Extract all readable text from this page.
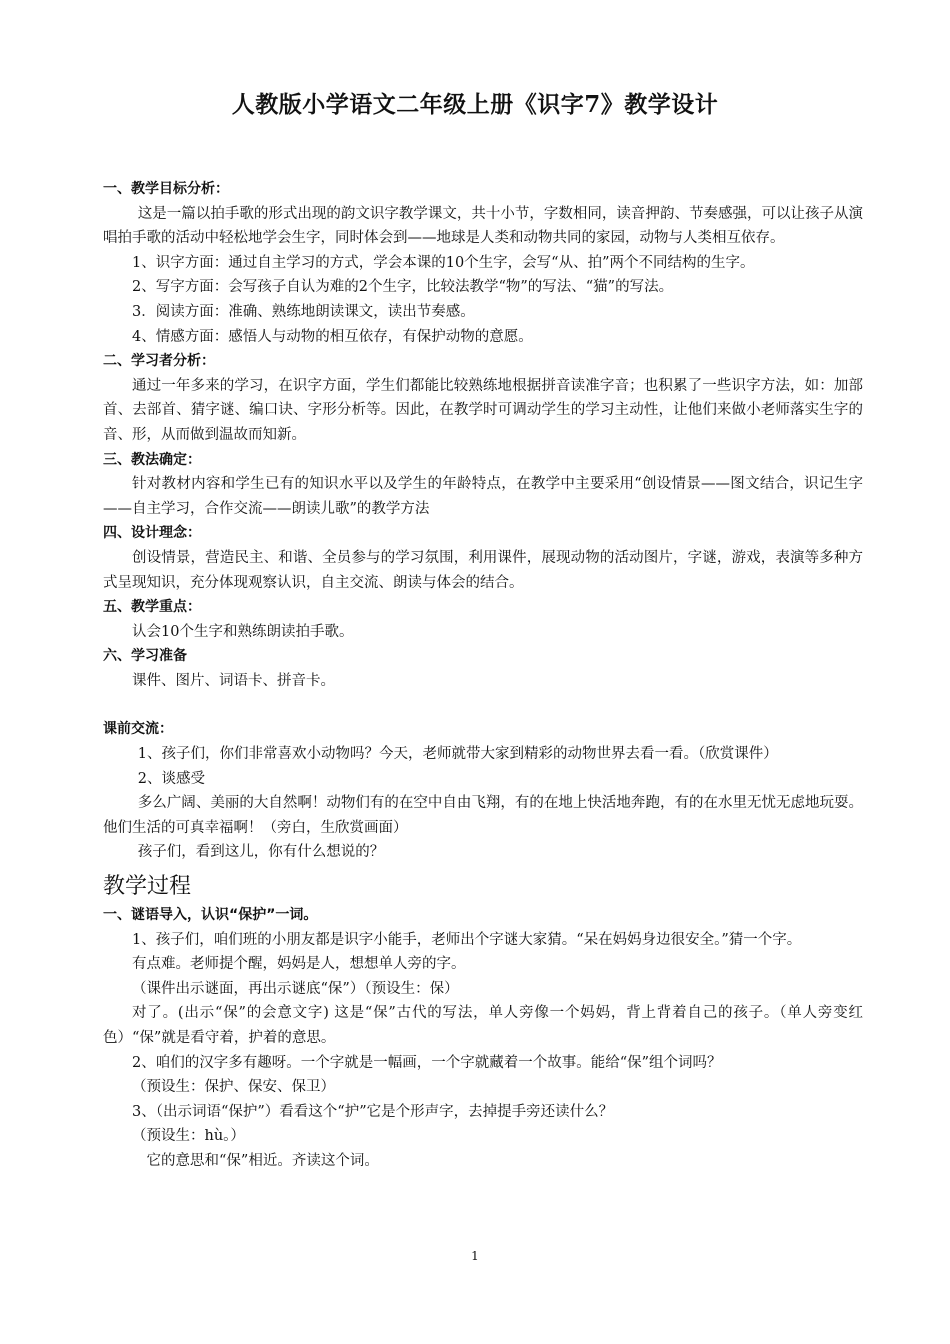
人教版小学语文二年级上册《识字7》教学设计

一、教学目标分析：

这是一篇以拍手歌的形式出现的韵文识字教学课文，共十小节，字数相同，读音押韵、节奏感强，可以让孩子从演唱拍手歌的活动中轻松地学会生字，同时体会到——地球是人类和动物共同的家园，动物与人类相互依存。

1、识字方面：通过自主学习的方式，学会本课的10个生字，会写“从、拍”两个不同结构的生字。

2、写字方面：会写孩子自认为难的2个生字，比较法教学“物”的写法、“猫”的写法。

3．阅读方面：准确、熟练地朗读课文，读出节奏感。

4、情感方面：感悟人与动物的相互依存，有保护动物的意愿。

二、学习者分析：

通过一年多来的学习，在识字方面，学生们都能比较熟练地根据拼音读准字音；也积累了一些识字方法，如：加部首、去部首、猜字谜、编口诀、字形分析等。因此，在教学时可调动学生的学习主动性，让他们来做小老师落实生字的音、形，从而做到温故而知新。

三、教法确定：

针对教材内容和学生已有的知识水平以及学生的年龄特点，在教学中主要采用“创设情景——图文结合，识记生字——自主学习，合作交流——朗读儿歌”的教学方法

四、设计理念：

创设情景，营造民主、和谐、全员参与的学习氛围，利用课件，展现动物的活动图片，字谜，游戏，表演等多种方式呈现知识，充分体现观察认识，自主交流、朗读与体会的结合。

五、教学重点：

认会10个生字和熟练朗读拍手歌。

六、学习准备

课件、图片、词语卡、拼音卡。

课前交流：

1、孩子们，你们非常喜欢小动物吗？今天，老师就带大家到精彩的动物世界去看一看。（欣赏课件）

2、谈感受

多么广阔、美丽的大自然啊！动物们有的在空中自由飞翔，有的在地上快活地奔跑，有的在水里无忧无虑地玩耍。他们生活的可真幸福啊！（旁白，生欣赏画面）

孩子们，看到这儿，你有什么想说的？

教学过程

一、谜语导入，认识“保护”一词。

1、孩子们，咱们班的小朋友都是识字小能手，老师出个字谜大家猜。“呆在妈妈身边很安全。”猜一个字。

有点难。老师提个醒，妈妈是人，想想单人旁的字。

（课件出示谜面，再出示谜底“保”）（预设生：保）

对了。(出示“保”的会意文字) 这是“保”古代的写法，单人旁像一个妈妈，背上背着自己的孩子。（单人旁变红色）“保”就是看守着，护着的意思。

2、咱们的汉字多有趣呀。一个字就是一幅画，一个字就藏着一个故事。能给“保”组个词吗？

（预设生：保护、保安、保卫）

3、（出示词语“保护”）看看这个“护”它是个形声字，去掉提手旁还读什么？

（预设生：hù。）

它的意思和“保”相近。齐读这个词。

1
